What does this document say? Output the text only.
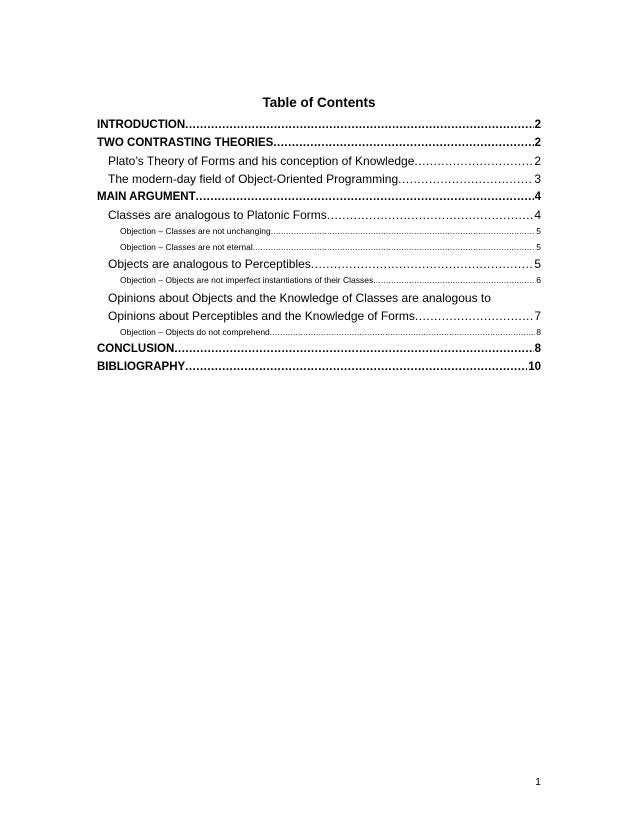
Table of Contents
INTRODUCTION .....	2
TWO CONTRASTING THEORIES .....	2
Plato’s Theory of Forms and his conception of Knowledge .....	2
The modern-day field of Object-Oriented Programming .....	3
MAIN ARGUMENT .....	4
Classes are analogous to Platonic Forms .....	4
Objection – Classes are not unchanging .....	5
Objection – Classes are not eternal .....	5
Objects are analogous to Perceptibles .....	5
Objection – Objects are not imperfect instantiations of their Classes .....	6
Opinions about Objects and the Knowledge of Classes are analogous to
Opinions about Perceptibles and the Knowledge of Forms .....	7
Objection – Objects do not comprehend .....	8
CONCLUSION .....	8
BIBLIOGRAPHY .....	10
1
